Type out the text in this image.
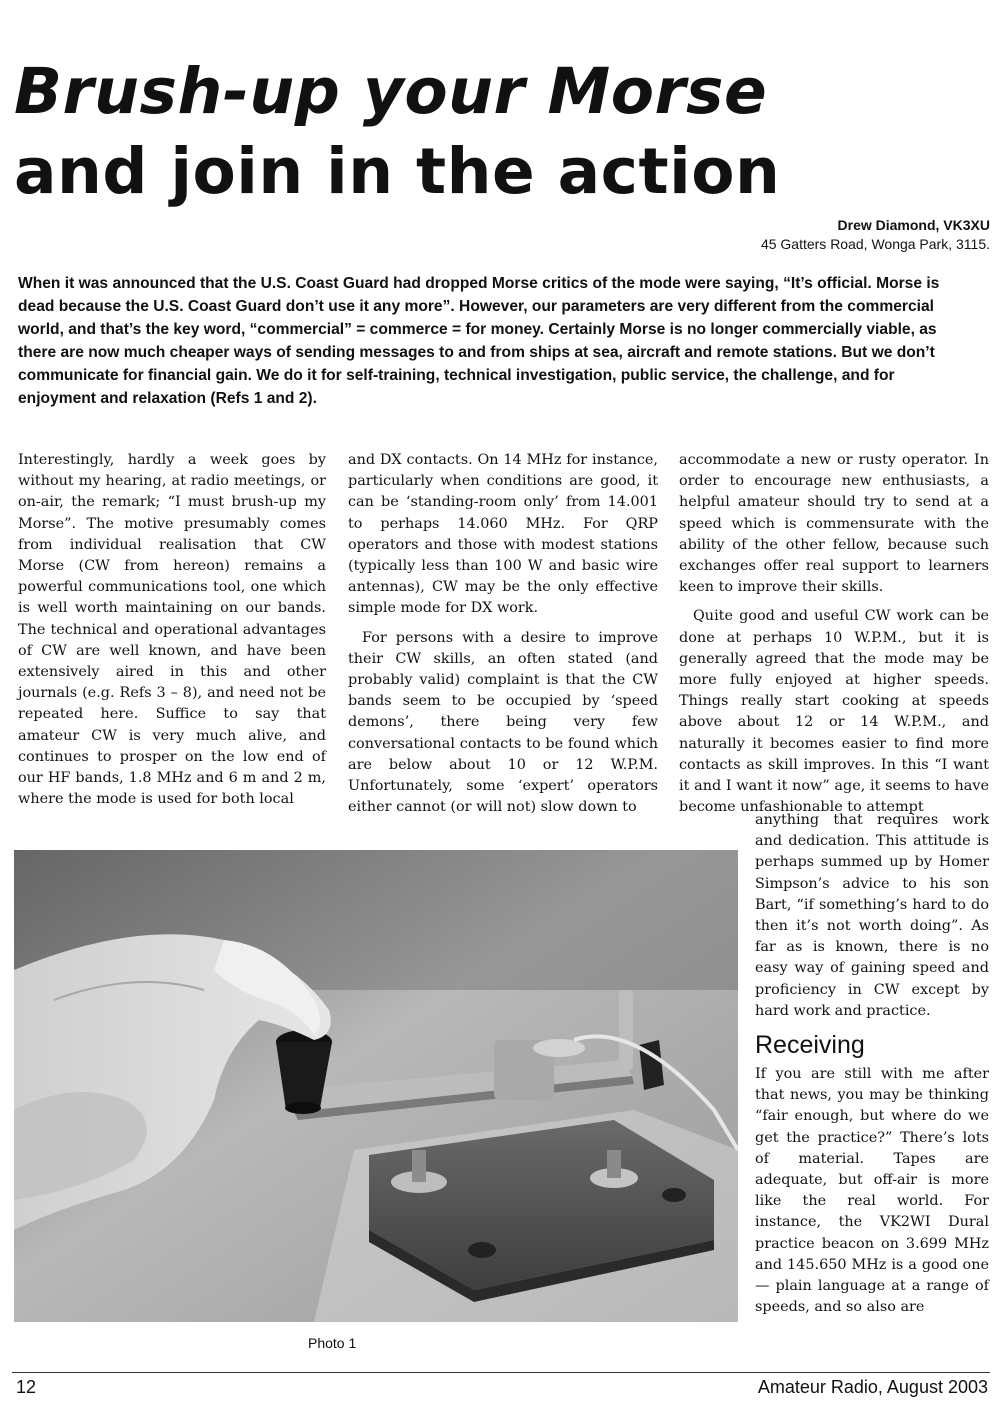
Brush-up your Morse
and join in the action
Drew Diamond, VK3XU
45 Gatters Road, Wonga Park, 3115.

When it was announced that the U.S. Coast Guard had dropped Morse critics of the mode were saying, “It’s official. Morse is dead because the U.S. Coast Guard don’t use it any more”. However, our parameters are very different from the commercial world, and that’s the key word, “commercial” = commerce = for money. Certainly Morse is no longer commercially viable, as there are now much cheaper ways of sending messages to and from ships at sea, aircraft and remote stations. But we don’t communicate for financial gain. We do it for self-training, technical investigation, public service, the challenge, and for enjoyment and relaxation (Refs 1 and 2).

Interestingly, hardly a week goes by without my hearing, at radio meetings, or on-air, the remark; “I must brush-up my Morse”. The motive presumably comes from individual realisation that CW Morse (CW from hereon) remains a powerful communications tool, one which is well worth maintaining on our bands. The technical and operational advantages of CW are well known, and have been extensively aired in this and other journals (e.g. Refs 3 – 8), and need not be repeated here. Suffice to say that amateur CW is very much alive, and continues to prosper on the low end of our HF bands, 1.8 MHz and 6 m and 2 m, where the mode is used for both local

and DX contacts. On 14 MHz for instance, particularly when conditions are good, it can be ‘standing-room only’ from 14.001 to perhaps 14.060 MHz. For QRP operators and those with modest stations (typically less than 100 W and basic wire antennas), CW may be the only effective simple mode for DX work.

For persons with a desire to improve their CW skills, an often stated (and probably valid) complaint is that the CW bands seem to be occupied by ‘speed demons’, there being very few conversational contacts to be found which are below about 10 or 12 W.P.M. Unfortunately, some ‘expert’ operators either cannot (or will not) slow down to

accommodate a new or rusty operator. In order to encourage new enthusiasts, a helpful amateur should try to send at a speed which is commensurate with the ability of the other fellow, because such exchanges offer real support to learners keen to improve their skills.

Quite good and useful CW work can be done at perhaps 10 W.P.M., but it is generally agreed that the mode may be more fully enjoyed at higher speeds. Things really start cooking at speeds above about 12 or 14 W.P.M., and naturally it becomes easier to find more contacts as skill improves. In this “I want it and I want it now” age, it seems to have become unfashionable to attempt

anything that requires work and dedication. This attitude is perhaps summed up by Homer Simpson’s advice to his son Bart, “if something’s hard to do then it’s not worth doing”. As far as is known, there is no easy way of gaining speed and proficiency in CW except by hard work and practice.

Receiving

If you are still with me after that news, you may be thinking “fair enough, but where do we get the practice?” There’s lots of material. Tapes are adequate, but off-air is more like the real world. For instance, the VK2WI Dural practice beacon on 3.699 MHz and 145.650 MHz is a good one — plain language at a range of speeds, and so also are

Photo 1
12	Amateur Radio, August 2003
